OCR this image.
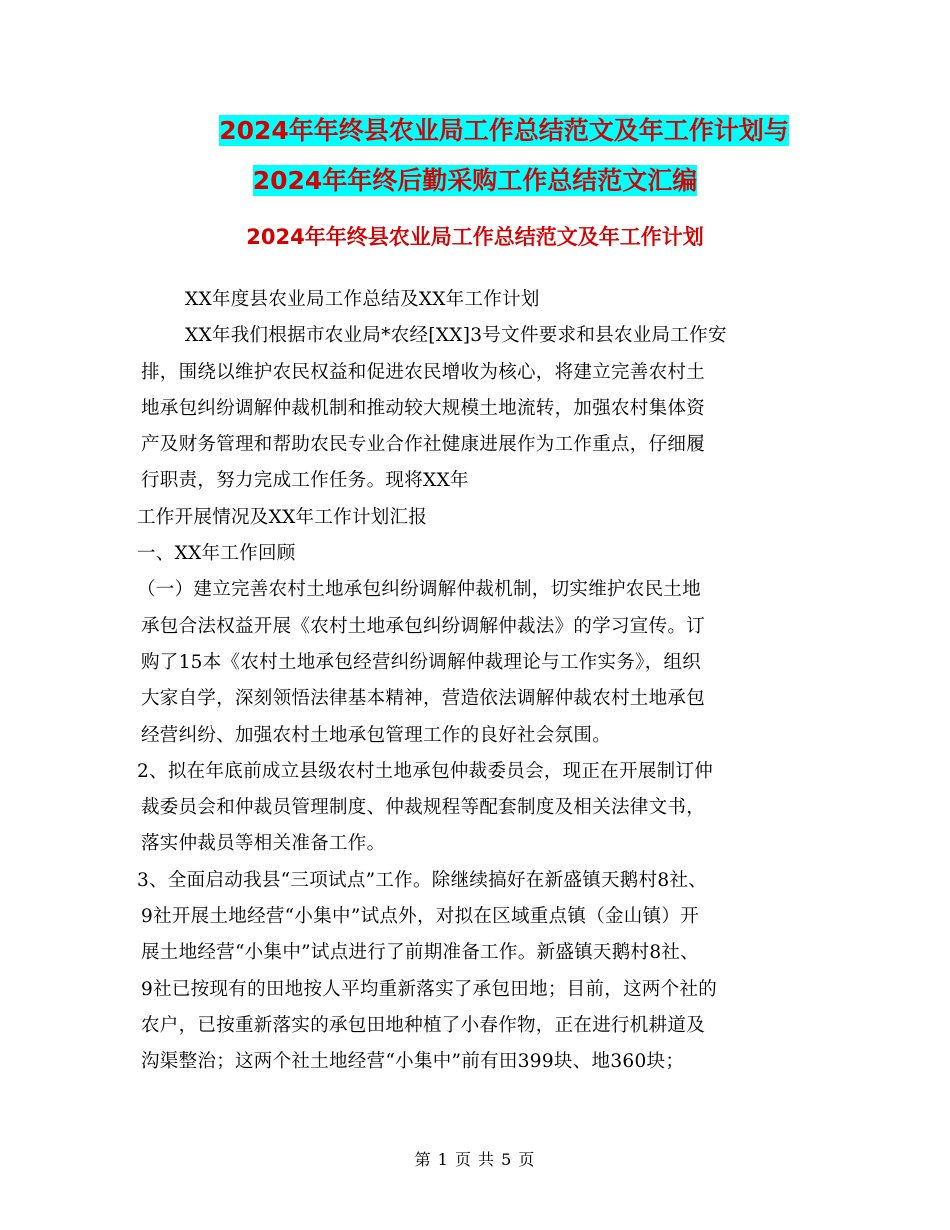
2024年年终县农业局工作总结范文及年工作计划与
2024年年终后勤采购工作总结范文汇编
2024年年终县农业局工作总结范文及年工作计划

XX年度县农业局工作总结及XX年工作计划

XX年我们根据市农业局*农经[XX]3号文件要求和县农业局工作安

排，围绕以维护农民权益和促进农民增收为核心，将建立完善农村土

地承包纠纷调解仲裁机制和推动较大规模土地流转，加强农村集体资

产及财务管理和帮助农民专业合作社健康进展作为工作重点，仔细履

行职责，努力完成工作任务。现将XX年

工作开展情况及XX年工作计划汇报

一、XX年工作回顾

（一）建立完善农村土地承包纠纷调解仲裁机制，切实维护农民土地

承包合法权益开展《农村土地承包纠纷调解仲裁法》的学习宣传。订

购了15本《农村土地承包经营纠纷调解仲裁理论与工作实务》，组织

大家自学，深刻领悟法律基本精神，营造依法调解仲裁农村土地承包

经营纠纷、加强农村土地承包管理工作的良好社会氛围。

2、拟在年底前成立县级农村土地承包仲裁委员会，现正在开展制订仲

裁委员会和仲裁员管理制度、仲裁规程等配套制度及相关法律文书，

落实仲裁员等相关准备工作。

3、全面启动我县“三项试点”工作。除继续搞好在新盛镇天鹅村8社、

9社开展土地经营“小集中”试点外，对拟在区域重点镇（金山镇）开

展土地经营“小集中”试点进行了前期准备工作。新盛镇天鹅村8社、

9社已按现有的田地按人平均重新落实了承包田地；目前，这两个社的

农户，已按重新落实的承包田地种植了小春作物，正在进行机耕道及

沟渠整治；这两个社土地经营“小集中”前有田399块、地360块；

第 1 页 共 5 页
